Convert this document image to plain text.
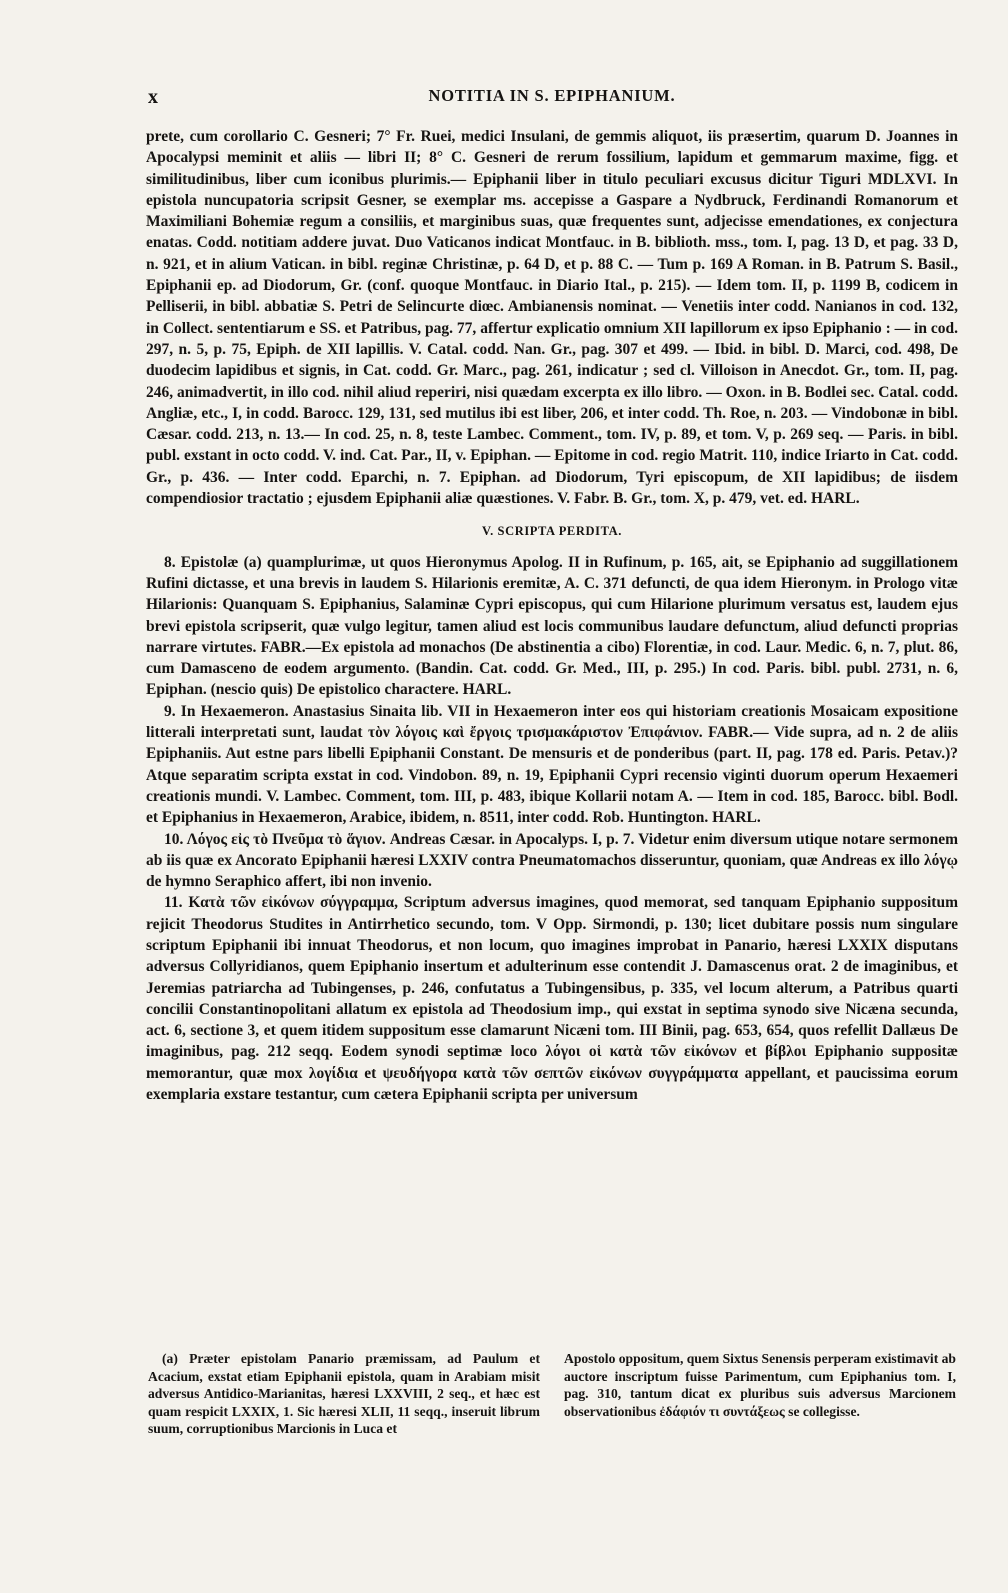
x	NOTITIA IN S. EPIPHANIUM.

prete, cum corollario C. Gesneri; 7° Fr. Ruei, medici Insulani, de gemmis aliquot, iis præsertim, quarum D. Joannes in Apocalypsi meminit et aliis — libri II; 8° C. Gesneri de rerum fossilium, lapidum et gemmarum maxime, figg. et similitudinibus, liber cum iconibus plurimis.— Epiphanii liber in titulo peculiari excusus dicitur Tiguri MDLXVI. In epistola nuncupatoria scripsit Gesner, se exemplar ms. accepisse a Gaspare a Nydbruck, Ferdinandi Romanorum et Maximiliani Bohemiæ regum a consiliis, et marginibus suas, quæ frequentes sunt, adjecisse emendationes, ex conjectura enatas. Codd. notitiam addere juvat. Duo Vaticanos indicat Montfauc. in B. biblioth. mss., tom. I, pag. 13 D, et pag. 33 D, n. 921, et in alium Vatican. in bibl. reginæ Christinæ, p. 64 D, et p. 88 C. — Tum p. 169 A Roman. in B. Patrum S. Basil., Epiphanii ep. ad Diodorum, Gr. (conf. quoque Montfauc. in Diario Ital., p. 215). — Idem tom. II, p. 1199 B, codicem in Pelliserii, in bibl. abbatiæ S. Petri de Selincurte diœc. Ambianensis nominat. — Venetiis inter codd. Nanianos in cod. 132, in Collect. sententiarum e SS. et Patribus, pag. 77, affertur explicatio omnium XII lapillorum ex ipso Epiphanio : — in cod. 297, n. 5, p. 75, Epiph. de XII lapillis. V. Catal. codd. Nan. Gr., pag. 307 et 499. — Ibid. in bibl. D. Marci, cod. 498, De duodecim lapidibus et signis, in Cat. codd. Gr. Marc., pag. 261, indicatur ; sed cl. Villoison in Anecdot. Gr., tom. II, pag. 246, animadvertit, in illo cod. nihil aliud reperiri, nisi quædam excerpta ex illo libro. — Oxon. in B. Bodlei sec. Catal. codd. Angliæ, etc., I, in codd. Barocc. 129, 131, sed mutilus ibi est liber, 206, et inter codd. Th. Roe, n. 203. — Vindobonæ in bibl. Cæsar. codd. 213, n. 13.— In cod. 25, n. 8, teste Lambec. Comment., tom. IV, p. 89, et tom. V, p. 269 seq. — Paris. in bibl. publ. exstant in octo codd. V. ind. Cat. Par., II, v. Epiphan. — Epitome in cod. regio Matrit. 110, indice Iriarto in Cat. codd. Gr., p. 436. — Inter codd. Eparchi, n. 7. Epiphan. ad Diodorum, Tyri episcopum, de XII lapidibus; de iisdem compendiosior tractatio ; ejusdem Epiphanii aliæ quæstiones. V. Fabr. B. Gr., tom. X, p. 479, vet. ed. HARL.

V. SCRIPTA PERDITA.

8. Epistolæ (a) quamplurimæ, ut quos Hieronymus Apolog. II in Rufinum, p. 165, ait, se Epiphanio ad suggillationem Rufini dictasse, et una brevis in laudem S. Hilarionis eremitæ, A. C. 371 defuncti, de qua idem Hieronym. in Prologo vitæ Hilarionis: Quanquam S. Epiphanius, Salaminæ Cypri episcopus, qui cum Hilarione plurimum versatus est, laudem ejus brevi epistola scripserit, quæ vulgo legitur, tamen aliud est locis communibus laudare defunctum, aliud defuncti proprias narrare virtutes. FABR.—Ex epistola ad monachos (De abstinentia a cibo) Florentiæ, in cod. Laur. Medic. 6, n. 7, plut. 86, cum Damasceno de eodem argumento. (Bandin. Cat. codd. Gr. Med., III, p. 295.) In cod. Paris. bibl. publ. 2731, n. 6, Epiphan. (nescio quis) De epistolico charactere. HARL.

9. In Hexaemeron. Anastasius Sinaita lib. VII in Hexaemeron inter eos qui historiam creationis Mosaicam expositione litterali interpretati sunt, laudat τὸν λόγοις καὶ ἔργοις τρισμακάριστον Ἐπιφάνιον. FABR.— Vide supra, ad n. 2 de aliis Epiphaniis. Aut estne pars libelli Epiphanii Constant. De mensuris et de ponderibus (part. II, pag. 178 ed. Paris. Petav.)? Atque separatim scripta exstat in cod. Vindobon. 89, n. 19, Epiphanii Cypri recensio viginti duorum operum Hexaemeri creationis mundi. V. Lambec. Comment, tom. III, p. 483, ibique Kollarii notam A. — Item in cod. 185, Barocc. bibl. Bodl. et Epiphanius in Hexaemeron, Arabice, ibidem, n. 8511, inter codd. Rob. Huntington. HARL.

10. Λόγος εἰς τὸ Πνεῦμα τὸ ἅγιον. Andreas Cæsar. in Apocalyps. I, p. 7. Videtur enim diversum utique notare sermonem ab iis quæ ex Ancorato Epiphanii hæresi LXXIV contra Pneumatomachos disseruntur, quoniam, quæ Andreas ex illo λόγῳ de hymno Seraphico affert, ibi non invenio.

11. Κατὰ τῶν εἰκόνων σύγγραμμα, Scriptum adversus imagines, quod memorat, sed tanquam Epiphanio suppositum rejicit Theodorus Studites in Antirrhetico secundo, tom. V Opp. Sirmondi, p. 130; licet dubitare possis num singulare scriptum Epiphanii ibi innuat Theodorus, et non locum, quo imagines improbat in Panario, hæresi LXXIX disputans adversus Collyridianos, quem Epiphanio insertum et adulterinum esse contendit J. Damascenus orat. 2 de imaginibus, et Jeremias patriarcha ad Tubingenses, p. 246, confutatus a Tubingensibus, p. 335, vel locum alterum, a Patribus quarti concilii Constantinopolitani allatum ex epistola ad Theodosium imp., qui exstat in septima synodo sive Nicæna secunda, act. 6, sectione 3, et quem itidem suppositum esse clamarunt Nicæni tom. III Binii, pag. 653, 654, quos refellit Dallæus De imaginibus, pag. 212 seqq. Eodem synodi septimæ loco λόγοι οἱ κατὰ τῶν εἰκόνων et βίβλοι Epiphanio suppositæ memorantur, quæ mox λογίδια et ψευδήγορα κατὰ τῶν σεπτῶν εἰκόνων συγγράμματα appellant, et paucissima eorum exemplaria exstare testantur, cum cætera Epiphanii scripta per universum

(a) Præter epistolam Panario præmissam, ad Paulum et Acacium, exstat etiam Epiphanii epistola, quam in Arabiam misit adversus Antidico-Marianitas, hæresi LXXVIII, 2 seq., et hæc est quam respicit LXXIX, 1. Sic hæresi XLII, 11 seqq., inseruit librum suum, corruptionibus Marcionis in Luca et

Apostolo oppositum, quem Sixtus Senensis perperam existimavit ab auctore inscriptum fuisse Parimentum, cum Epiphanius tom. I, pag. 310, tantum dicat ex pluribus suis adversus Marcionem observationibus ἐδάφιόν τι συντάξεως se collegisse.
